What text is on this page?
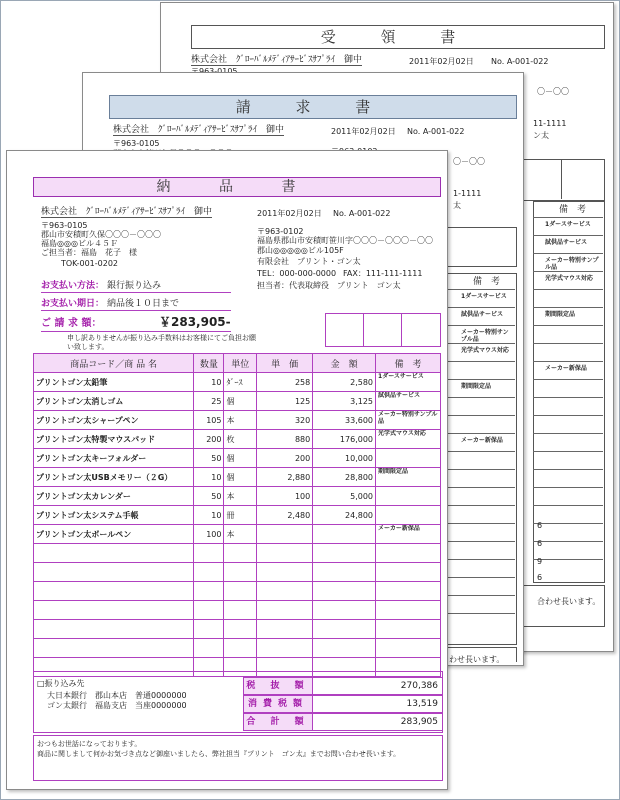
受 領 書
株式会社　ｸﾞﾛｰﾊﾞﾙﾒﾃﾞｨｱｻｰﾋﾞｽｻﾌﾟﾗｲ　御中	2011年02月02日 No. A-001-022
〇－〇〇
11-1111
ン太
備　考
1ダースサービス
試供品サービス
メーカー特別サンプル品
光学式マウス対応
期間限定品
メーカー新保品
6
6
9
6
合わせ長います。
請 求 書
株式会社　ｸﾞﾛｰﾊﾞﾙﾒﾃﾞｨｱｻｰﾋﾞｽｻﾌﾟﾗｲ　御中	2011年02月02日 No. A-001-022
〒963-0105
〇－〇〇
1-1111
太
備　考
1ダースサービス
試供品サービス
メーカー特別サンプル品
光学式マウス対応
期間限定品
メーカー新保品
わせ長います。
納 品 書
株式会社　ｸﾞﾛｰﾊﾞﾙﾒﾃﾞｨｱｻｰﾋﾞｽｻﾌﾟﾗｲ　御中	2011年02月02日 No. A-001-022
〒963-0105
郡山市安積町久保〇〇〇－〇〇〇
福島◎◎◎ビル４５Ｆ
ご担当者：福島　花子　様
TOK-001-0202
〒963-0102
福島県郡山市安積町笹川字〇〇〇－〇〇〇－〇〇
郡山◎◎◎◎◎ビル105F
有限会社　プリント・ゴン太
TEL：000-000-0000 FAX：111-111-1111
担当者：代表取締役　プリント　ゴン太
お支払い方法： 銀行振り込み
お支払い期日： 納品後１０日まで
ご 請 求 額：	￥283,905-
申し訳ありませんが振り込み手数料はお客様にてご負担お願い致します。
商品コード／商 品 名	数量	単位	単　価	金　額	備　考
プリントゴン太鉛筆	10	ﾀﾞｰｽ	258	2,580	1ダースサービス
プリントゴン太消しゴム	25	個	125	3,125	試供品サービス
プリントゴン太シャープペン	105	本	320	33,600	メーカー特別サンプル品
プリントゴン太特製マウスパッド	200	枚	880	176,000	光学式マウス対応
プリントゴン太キーフォルダー	50	個	200	10,000	
プリントゴン太USBメモリー（２G）	10	個	2,880	28,800	期間限定品
プリントゴン太カレンダー	50	本	100	5,000	
プリントゴン太システム手帳	10	冊	2,480	24,800	
プリントゴン太ボールペン	100	本			メーカー新保品

□振り込み先
大日本銀行　郡山本店　普通0000000
ゴン太銀行　福島支店　当座0000000
税 抜 額	270,386
消費税額	13,519
合 計 額	283,905
おつもお世話になっております。
商品に関しまして何かお気づき点など御座いましたら、弊社担当『プリント　ゴン太』までお問い合わせ長います。
